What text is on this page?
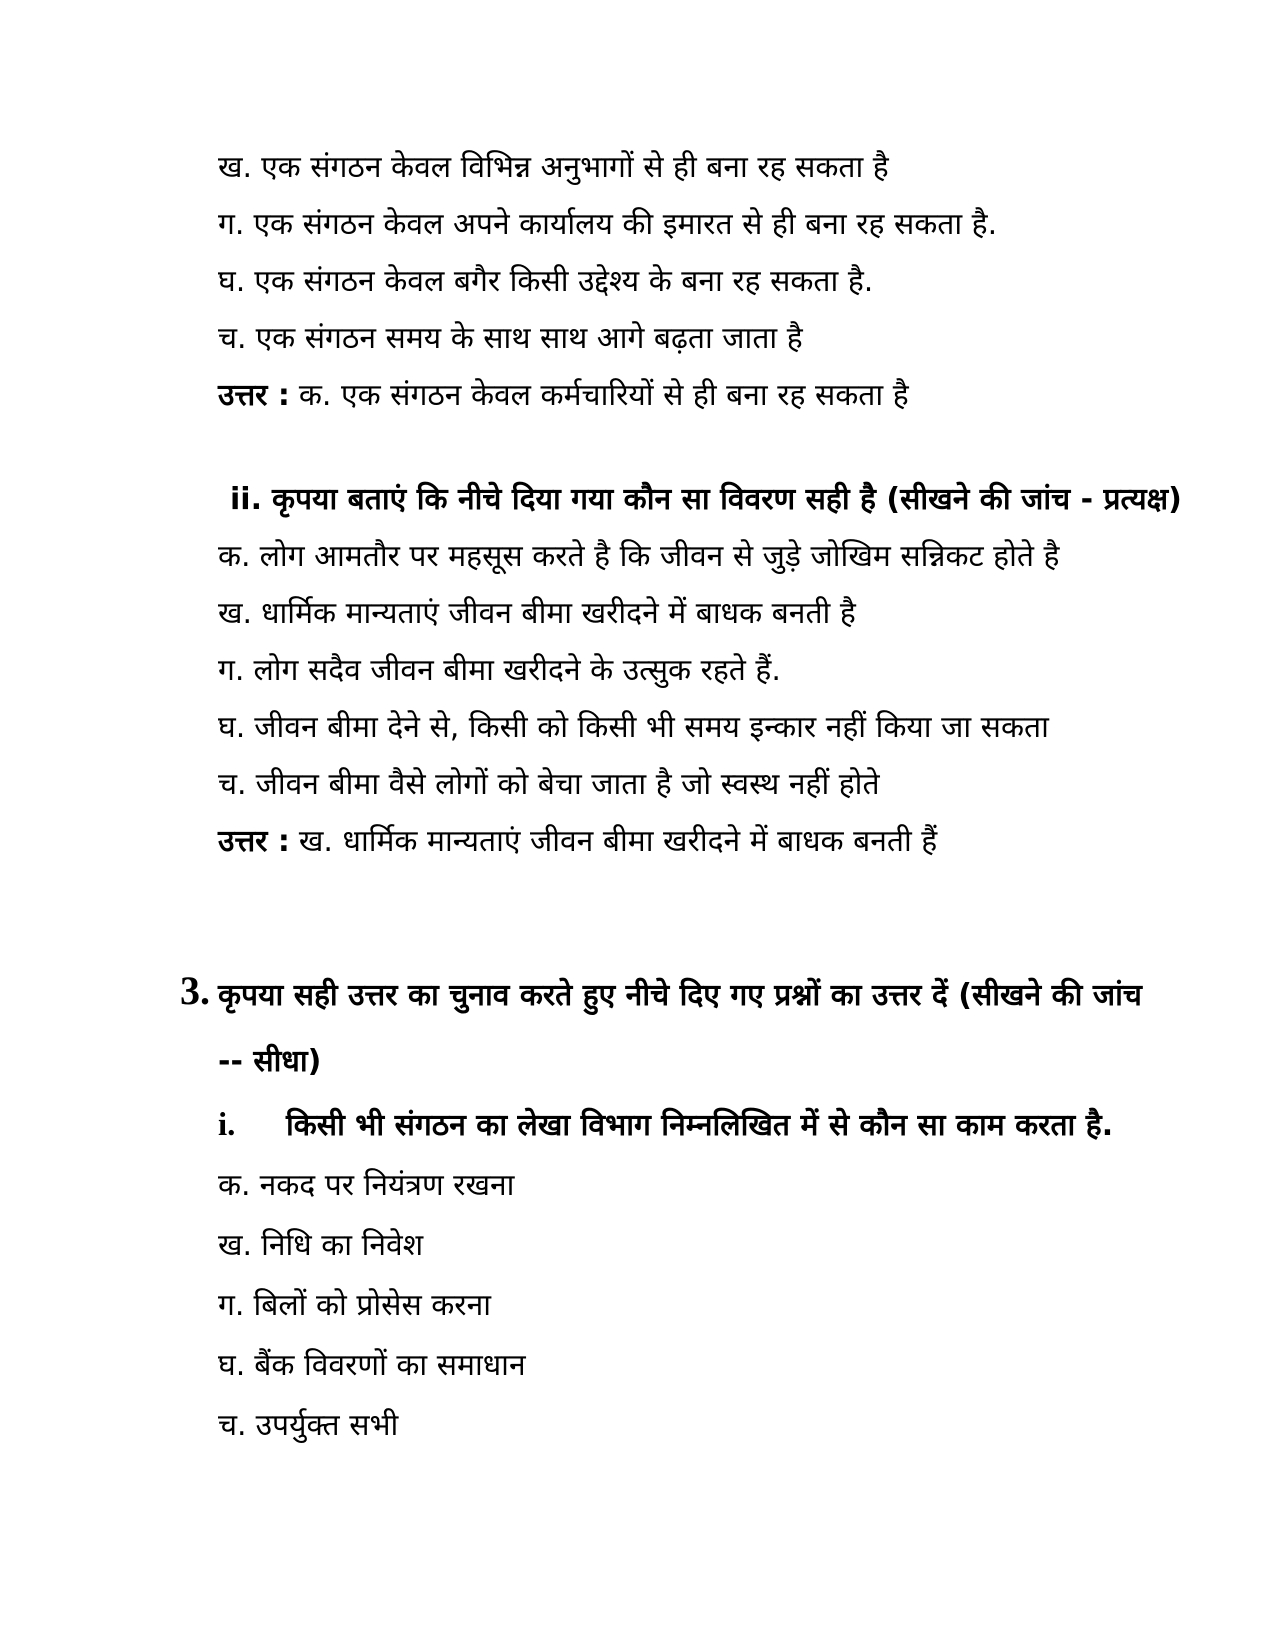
ख. एक संगठन केवल विभिन्न अनुभागों से ही बना रह सकता है
ग. एक संगठन केवल अपने कार्यालय की इमारत से ही बना रह सकता है.
घ. एक संगठन केवल बगैर किसी उद्देश्य के बना रह सकता है.
च. एक संगठन समय के साथ साथ आगे बढ़ता जाता है
उत्तर : क. एक संगठन केवल कर्मचारियों से ही बना रह सकता है
ii. कृपया बताएं कि नीचे दिया गया कौन सा विवरण सही है (सीखने की जांच - प्रत्यक्ष)
क. लोग आमतौर पर महसूस करते है कि जीवन से जुड़े जोखिम सन्निकट होते है
ख. धार्मिक मान्यताएं जीवन बीमा खरीदने में बाधक बनती है
ग. लोग सदैव जीवन बीमा खरीदने के उत्सुक रहते हैं.
घ. जीवन बीमा देने से, किसी को किसी भी समय इन्कार नहीं किया जा सकता
च. जीवन बीमा वैसे लोगों को बेचा जाता है जो स्वस्थ नहीं होते
उत्तर : ख. धार्मिक मान्यताएं जीवन बीमा खरीदने में बाधक बनती हैं
3. कृपया सही उत्तर का चुनाव करते हुए नीचे दिए गए प्रश्नों का उत्तर दें (सीखने की जांच
-- सीधा)
i. किसी भी संगठन का लेखा विभाग निम्नलिखित में से कौन सा काम करता है.
क. नकद पर नियंत्रण रखना
ख. निधि का निवेश
ग. बिलों को प्रोसेस करना
घ. बैंक विवरणों का समाधान
च. उपर्युक्त सभी
